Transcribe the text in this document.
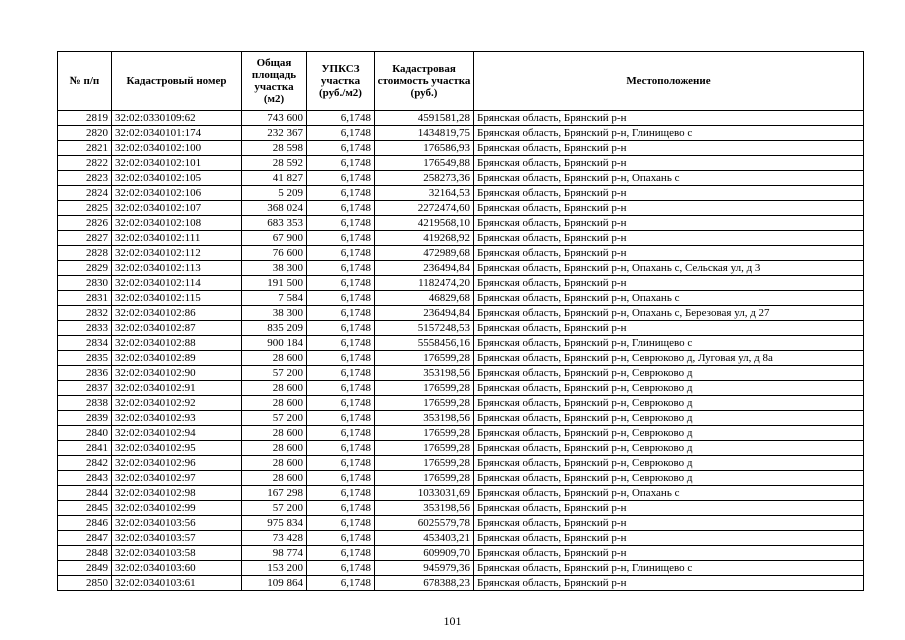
№ п/п	Кадастровый номер	Общая площадь участка (м2)	УПКСЗ участка (руб./м2)	Кадастровая стоимость участка (руб.)	Местоположение
2819	32:02:0330109:62	743 600	6,1748	4591581,28	Брянская область, Брянский р-н
2820	32:02:0340101:174	232 367	6,1748	1434819,75	Брянская область, Брянский р-н, Глинищево с
2821	32:02:0340102:100	28 598	6,1748	176586,93	Брянская область, Брянский р-н
2822	32:02:0340102:101	28 592	6,1748	176549,88	Брянская область, Брянский р-н
2823	32:02:0340102:105	41 827	6,1748	258273,36	Брянская область, Брянский р-н, Опахань с
2824	32:02:0340102:106	5 209	6,1748	32164,53	Брянская область, Брянский р-н
2825	32:02:0340102:107	368 024	6,1748	2272474,60	Брянская область, Брянский р-н
2826	32:02:0340102:108	683 353	6,1748	4219568,10	Брянская область, Брянский р-н
2827	32:02:0340102:111	67 900	6,1748	419268,92	Брянская область, Брянский р-н
2828	32:02:0340102:112	76 600	6,1748	472989,68	Брянская область, Брянский р-н
2829	32:02:0340102:113	38 300	6,1748	236494,84	Брянская область, Брянский р-н, Опахань с, Сельская ул, д 3
2830	32:02:0340102:114	191 500	6,1748	1182474,20	Брянская область, Брянский р-н
2831	32:02:0340102:115	7 584	6,1748	46829,68	Брянская область, Брянский р-н, Опахань с
2832	32:02:0340102:86	38 300	6,1748	236494,84	Брянская область, Брянский р-н, Опахань с, Березовая ул, д 27
2833	32:02:0340102:87	835 209	6,1748	5157248,53	Брянская область, Брянский р-н
2834	32:02:0340102:88	900 184	6,1748	5558456,16	Брянская область, Брянский р-н, Глинищево с
2835	32:02:0340102:89	28 600	6,1748	176599,28	Брянская область, Брянский р-н, Севрюково д, Луговая ул, д 8а
2836	32:02:0340102:90	57 200	6,1748	353198,56	Брянская область, Брянский р-н, Севрюково д
2837	32:02:0340102:91	28 600	6,1748	176599,28	Брянская область, Брянский р-н, Севрюково д
2838	32:02:0340102:92	28 600	6,1748	176599,28	Брянская область, Брянский р-н, Севрюково д
2839	32:02:0340102:93	57 200	6,1748	353198,56	Брянская область, Брянский р-н, Севрюково д
2840	32:02:0340102:94	28 600	6,1748	176599,28	Брянская область, Брянский р-н, Севрюково д
2841	32:02:0340102:95	28 600	6,1748	176599,28	Брянская область, Брянский р-н, Севрюково д
2842	32:02:0340102:96	28 600	6,1748	176599,28	Брянская область, Брянский р-н, Севрюково д
2843	32:02:0340102:97	28 600	6,1748	176599,28	Брянская область, Брянский р-н, Севрюково д
2844	32:02:0340102:98	167 298	6,1748	1033031,69	Брянская область, Брянский р-н, Опахань с
2845	32:02:0340102:99	57 200	6,1748	353198,56	Брянская область, Брянский р-н
2846	32:02:0340103:56	975 834	6,1748	6025579,78	Брянская область, Брянский р-н
2847	32:02:0340103:57	73 428	6,1748	453403,21	Брянская область, Брянский р-н
2848	32:02:0340103:58	98 774	6,1748	609909,70	Брянская область, Брянский р-н
2849	32:02:0340103:60	153 200	6,1748	945979,36	Брянская область, Брянский р-н, Глинищево с
2850	32:02:0340103:61	109 864	6,1748	678388,23	Брянская область, Брянский р-н
101
